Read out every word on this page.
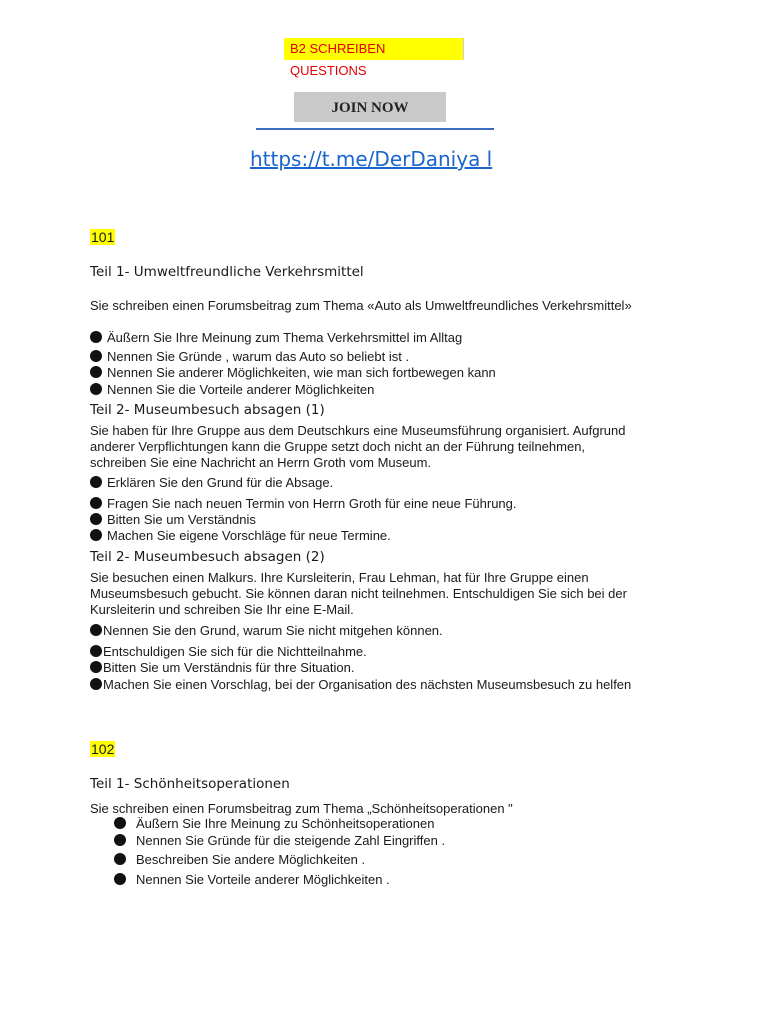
B2 SCHREIBEN QUESTIONS
JOIN NOW
https://t.me/DerDaniya l
101
Teil 1- Umweltfreundliche Verkehrsmittel
Sie schreiben einen Forumsbeitrag zum Thema «Auto als Umweltfreundliches Verkehrsmittel»
Äußern Sie Ihre Meinung zum Thema Verkehrsmittel im Alltag
Nennen Sie Gründe , warum das Auto so beliebt ist .
Nennen Sie anderer Möglichkeiten, wie man sich fortbewegen kann
Nennen Sie die Vorteile anderer Möglichkeiten
Teil 2- Museumbesuch absagen (1)
Sie haben für Ihre Gruppe aus dem Deutschkurs eine Museumsführung organisiert. Aufgrund
anderer Verpflichtungen kann die Gruppe setzt doch nicht an der Führung teilnehmen,
schreiben Sie eine Nachricht an Herrn Groth vom Museum.
Erklären Sie den Grund für die Absage.
Fragen Sie nach neuen Termin von Herrn Groth für eine neue Führung.
Bitten Sie um Verständnis
Machen Sie eigene Vorschläge für neue Termine.
Teil 2- Museumbesuch absagen (2)
Sie besuchen einen Malkurs. Ihre Kursleiterin, Frau Lehman, hat für Ihre Gruppe einen
Museumsbesuch gebucht. Sie können daran nicht teilnehmen. Entschuldigen Sie sich bei der
Kursleiterin und schreiben Sie Ihr eine E-Mail.
Nennen Sie den Grund, warum Sie nicht mitgehen können.
Entschuldigen Sie sich für die Nichtteilnahme.
Bitten Sie um Verständnis für thre Situation.
Machen Sie einen Vorschlag, bei der Organisation des nächsten Museumsbesuch zu helfen
102
Teil 1- Schönheitsoperationen
Sie schreiben einen Forumsbeitrag zum Thema „Schönheitsoperationen "
Äußern Sie Ihre Meinung zu Schönheitsoperationen
Nennen Sie Gründe für die steigende Zahl Eingriffen .
Beschreiben Sie andere Möglichkeiten .
Nennen Sie Vorteile anderer Möglichkeiten .
